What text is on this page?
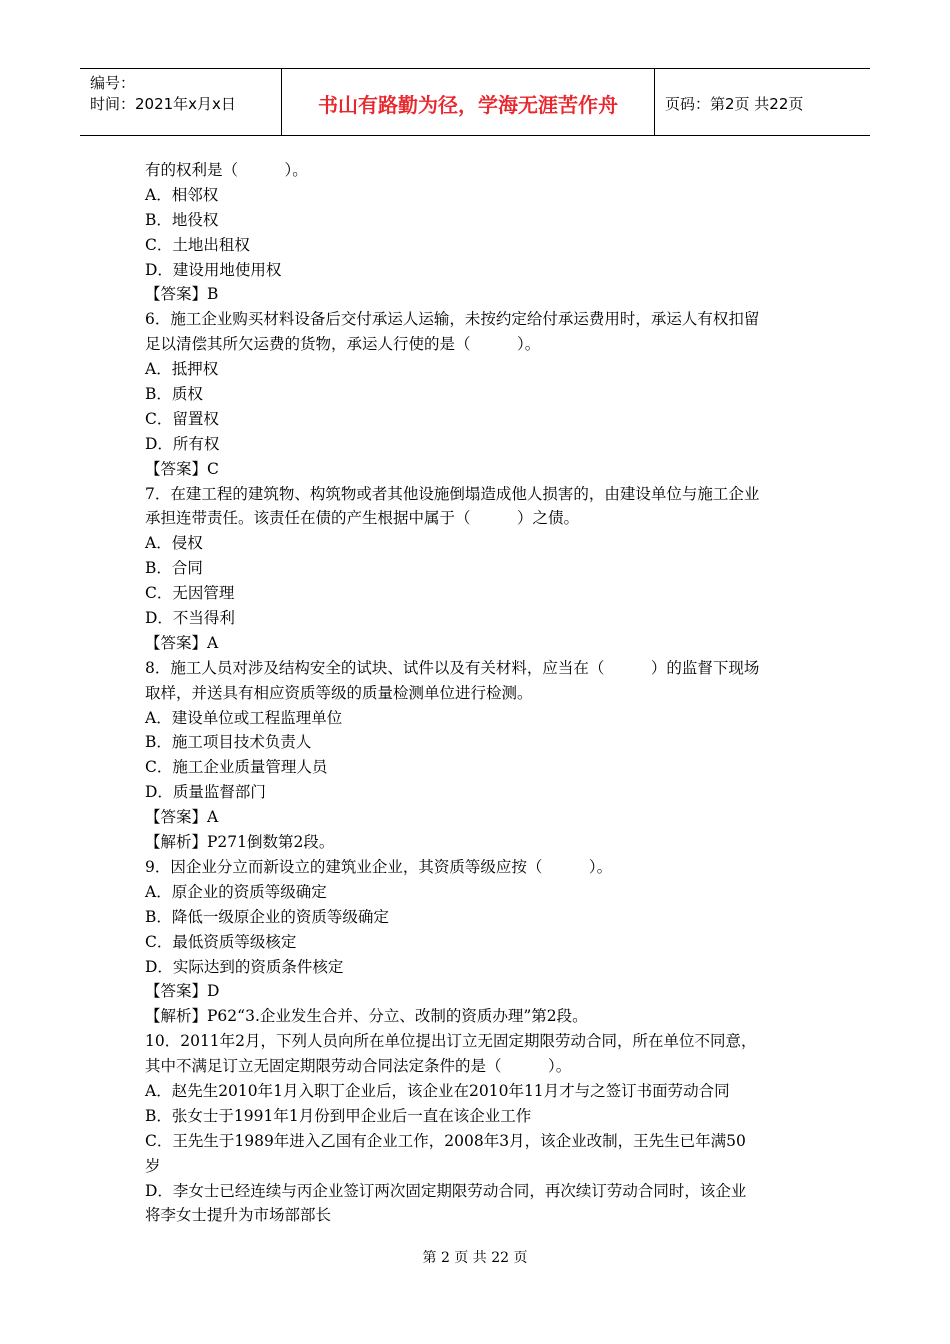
编号：
时间：2021年x月x日	书山有路勤为径，学海无涯苦作舟	页码：第2页 共22页
有的权利是（　　　）。
A．相邻权
B．地役权
C．土地出租权
D．建设用地使用权
【答案】B
6．施工企业购买材料设备后交付承运人运输，未按约定给付承运费用时，承运人有权扣留
足以清偿其所欠运费的货物，承运人行使的是（　　　）。
A．抵押权
B．质权
C．留置权
D．所有权
【答案】C
7．在建工程的建筑物、构筑物或者其他设施倒塌造成他人损害的，由建设单位与施工企业
承担连带责任。该责任在债的产生根据中属于（　　　）之债。
A．侵权
B．合同
C．无因管理
D．不当得利
【答案】A
8．施工人员对涉及结构安全的试块、试件以及有关材料，应当在（　　　）的监督下现场
取样，并送具有相应资质等级的质量检测单位进行检测。
A．建设单位或工程监理单位
B．施工项目技术负责人
C．施工企业质量管理人员
D．质量监督部门
【答案】A
【解析】P271倒数第2段。
9．因企业分立而新设立的建筑业企业，其资质等级应按（　　　）。
A．原企业的资质等级确定
B．降低一级原企业的资质等级确定
C．最低资质等级核定
D．实际达到的资质条件核定
【答案】D
【解析】P62“3.企业发生合并、分立、改制的资质办理”第2段。
10．2011年2月，下列人员向所在单位提出订立无固定期限劳动合同，所在单位不同意，
其中不满足订立无固定期限劳动合同法定条件的是（　　　）。
A．赵先生2010年1月入职丁企业后，该企业在2010年11月才与之签订书面劳动合同
B．张女士于1991年1月份到甲企业后一直在该企业工作
C．王先生于1989年进入乙国有企业工作，2008年3月，该企业改制，王先生已年满50
岁
D．李女士已经连续与丙企业签订两次固定期限劳动合同，再次续订劳动合同时，该企业
将李女士提升为市场部部长
第 2 页 共 22 页
